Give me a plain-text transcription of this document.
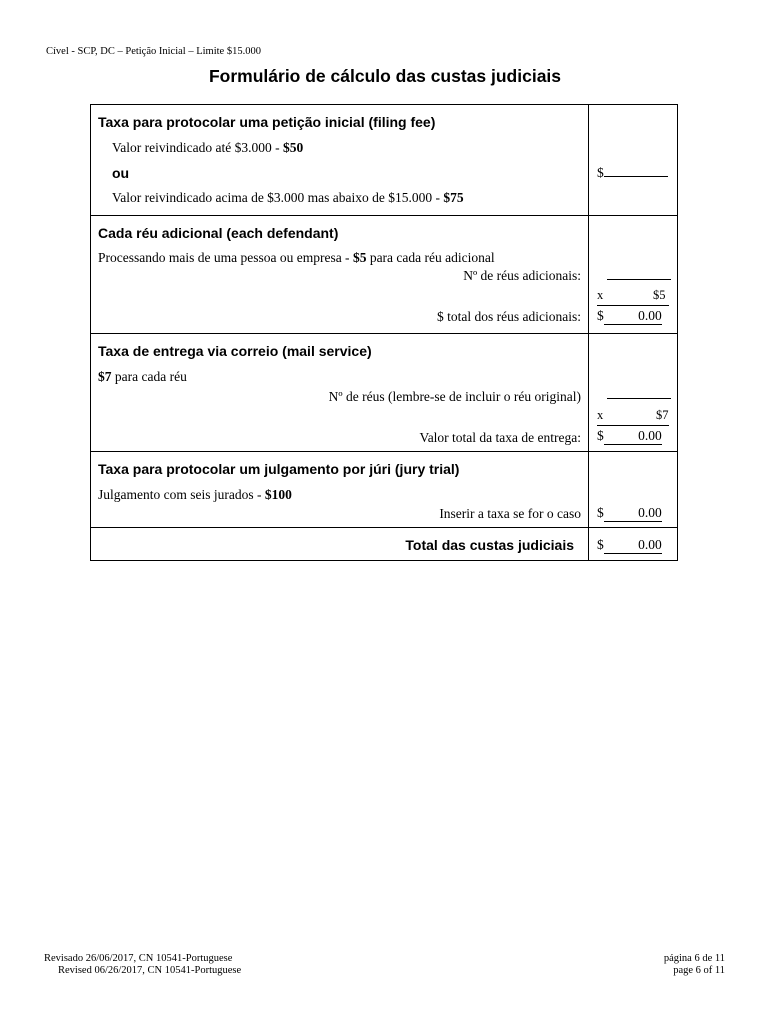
Cível - SCP, DC – Petição Inicial – Limite $15.000
Formulário de cálculo das custas judiciais
Taxa para protocolar uma petição inicial (filing fee)
Valor reivindicado até $3.000 - $50
ou
Valor reivindicado acima de $3.000 mas abaixo de $15.000 - $75
$
Cada réu adicional (each defendant)
Processando mais de uma pessoa ou empresa - $5 para cada réu adicional
Nº de réus adicionais:
x	$5
$ total dos réus adicionais: $	0.00
Taxa de entrega via correio (mail service)
$7 para cada réu
Nº de réus (lembre-se de incluir o réu original)
x	$7
Valor total da taxa de entrega: $	0.00
Taxa para protocolar um julgamento por júri (jury trial)
Julgamento com seis jurados - $100
Inserir a taxa se for o caso $	0.00
Total das custas judiciais $	0.00
Revisado 26/06/2017, CN 10541-Portuguese
Revised 06/26/2017, CN 10541-Portuguese
página 6 de 11
page 6 of 11
